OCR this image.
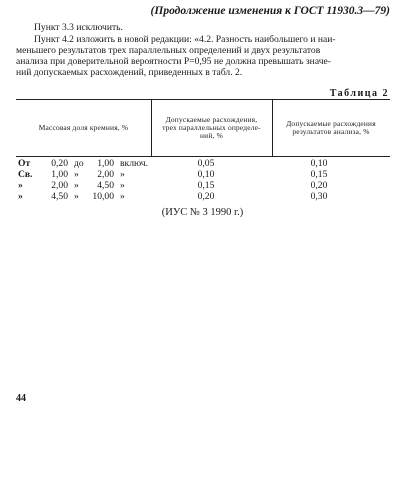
(Продолжение изменения к ГОСТ 11930.3—79)
Пункт 3.3 исключить.
Пункт 4.2 изложить в новой редакции: «4.2. Разность наибольшего и наи-
меньшего результатов трех параллельных определений и двух результатов
анализа при доверительной вероятности P=0,95 не должна превышать значе-
ний допускаемых расхождений, приведенных в табл. 2.
Таблица 2
Массовая доля кремния, %
Допускаемые расхождения,
трех параллельных определе-
ний, %
Допускаемые расхождения
результатов анализа, %
От	0,20 до	1,00 включ.	0,05	0,10
Св.	1,00 »	2,00 »	0,10	0,15
»	2,00 »	4,50 »	0,15	0,20
»	4,50 »	10,00 »	0,20	0,30
(ИУС № 3 1990 г.)
44
